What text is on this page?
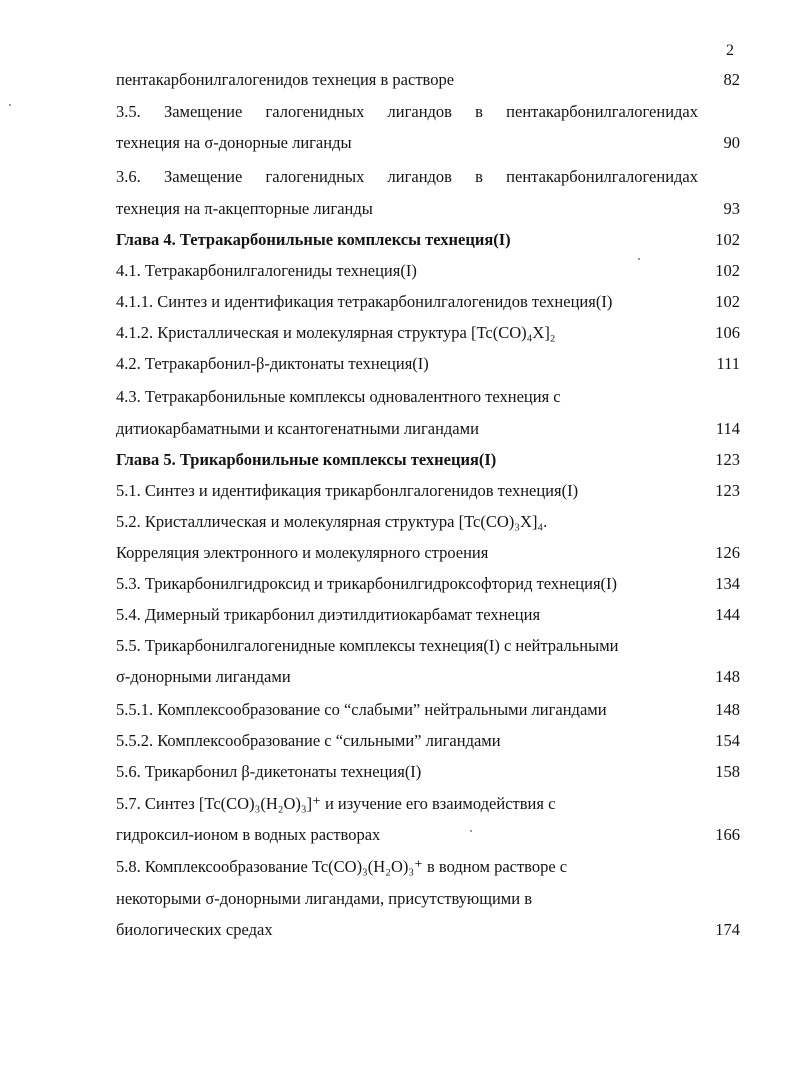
2
пентакарбонилгалогенидов технеция в растворе	82
3.5. Замещение галогенидных лигандов в пентакарбонилгалогенидах
технеция на σ-донорные лиганды	90
3.6. Замещение галогенидных лигандов в пентакарбонилгалогенидах
технеция на π-акцепторные лиганды	93
Глава 4. Тетракарбонильные комплексы технеция(I)	102
4.1. Тетракарбонилгалогениды технеция(I)	102
4.1.1. Синтез и идентификация тетракарбонилгалогенидов технеция(I)	102
4.1.2. Кристаллическая и молекулярная структура [Tc(CO)₄X]₂	106
4.2. Тетракарбонил-β-диктонаты технеция(I)	111
4.3. Тетракарбонильные комплексы одновалентного технеция с
дитиокарбаматными и ксантогенатными лигандами	114
Глава 5. Трикарбонильные комплексы технеция(I)	123
5.1. Синтез и идентификация трикарбонлгалогенидов технеция(I)	123
5.2. Кристаллическая и молекулярная структура [Tc(CO)₃X]₄.
Корреляция электронного и молекулярного строения	126
5.3. Трикарбонилгидроксид и трикарбонилгидроксофторид технеция(I)	134
5.4. Димерный трикарбонил диэтилдитиокарбамат технеция	144
5.5. Трикарбонилгалогенидные комплексы технеция(I) с нейтральными
σ-донорными лигандами	148
5.5.1. Комплексообразование со “слабыми” нейтральными лигандами	148
5.5.2. Комплексообразование с “сильными” лигандами	154
5.6. Трикарбонил β-дикетонаты технеция(I)	158
5.7. Синтез [Tc(CO)₃(H₂O)₃]⁺ и изучение его взаимодействия с
гидроксил-ионом в водных растворах	166
5.8. Комплексообразование Tc(CO)₃(H₂O)₃⁺ в водном растворе с
некоторыми σ-донорными лигандами, присутствующими в
биологических средах	174
